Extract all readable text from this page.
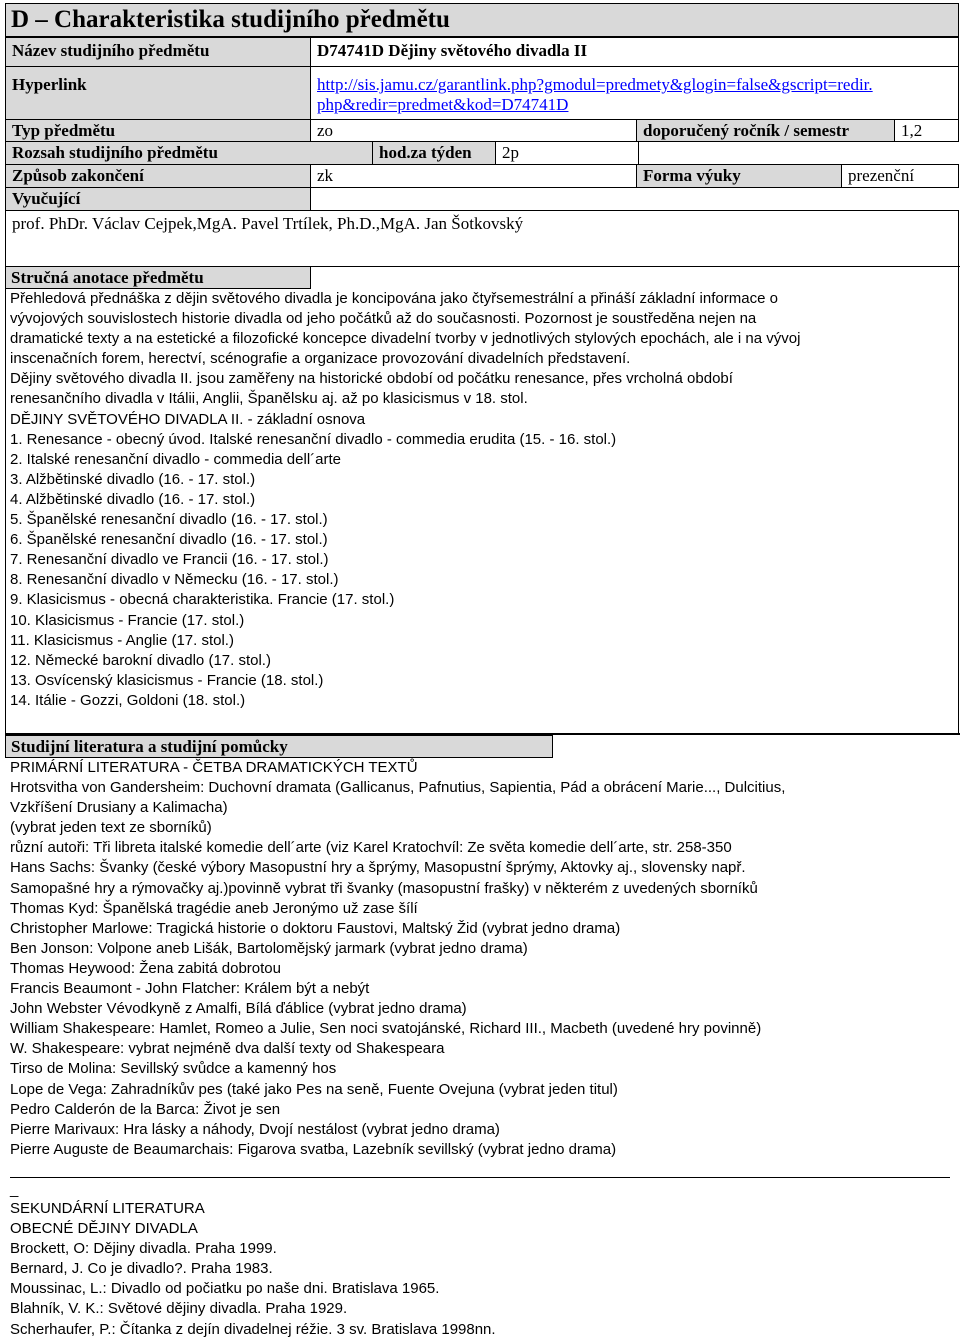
D – Charakteristika studijního předmětu
Název studijního předmětu	D74741D Dějiny světového divadla II
Hyperlink	http://sis.jamu.cz/garantlink.php?gmodul=predmety&glogin=false&gscript=redir.
php&redir=predmet&kod=D74741D
Typ předmětu	zo	doporučený ročník / semestr	1,2
Rozsah studijního předmětu	hod.za týden	2p
Způsob zakončení	zk	Forma výuky	prezenční
Vyučující
prof. PhDr. Václav Cejpek,MgA. Pavel Trtílek, Ph.D.,MgA. Jan Šotkovský
Stručná anotace předmětu
Přehledová přednáška z dějin světového divadla je koncipována jako čtyřsemestrální a přináší základní informace o
vývojových souvislostech historie divadla od jeho počátků až do současnosti. Pozornost je soustředěna nejen na
dramatické texty a na estetické a filozofické koncepce divadelní tvorby v jednotlivých stylových epochách, ale i na vývoj
inscenačních forem, herectví, scénografie a organizace provozování divadelních představení.
Dějiny světového divadla II. jsou zaměřeny na historické období od počátku renesance, přes vrcholná období
renesančního divadla v Itálii, Anglii, Španělsku aj. až po klasicismus v 18. stol.
DĚJINY SVĚTOVÉHO DIVADLA II. - základní osnova
1. Renesance - obecný úvod. Italské renesanční divadlo - commedia erudita (15. - 16. stol.)
2. Italské renesanční divadlo - commedia dell´arte
3. Alžbětinské divadlo (16. - 17. stol.)
4. Alžbětinské divadlo (16. - 17. stol.)
5. Španělské renesanční divadlo (16. - 17. stol.)
6. Španělské renesanční divadlo (16. - 17. stol.)
7. Renesanční divadlo ve Francii (16. - 17. stol.)
8. Renesanční divadlo v Německu (16. - 17. stol.)
9. Klasicismus - obecná charakteristika. Francie (17. stol.)
10. Klasicismus - Francie (17. stol.)
11. Klasicismus - Anglie (17. stol.)
12. Německé barokní divadlo (17. stol.)
13. Osvícenský klasicismus - Francie (18. stol.)
14. Itálie - Gozzi, Goldoni (18. stol.)
Studijní literatura a studijní pomůcky
PRIMÁRNÍ LITERATURA - ČETBA DRAMATICKÝCH TEXTŮ
Hrotsvitha von Gandersheim: Duchovní dramata (Gallicanus, Pafnutius, Sapientia, Pád a obrácení Marie..., Dulcitius,
Vzkříšení Drusiany a Kalimacha)
(vybrat jeden text ze sborníků)
různí autoři: Tři libreta italské komedie dell´arte (viz Karel Kratochvíl: Ze světa komedie dell´arte, str. 258-350
Hans Sachs: Švanky (české výbory Masopustní hry a šprýmy, Masopustní šprýmy, Aktovky aj., slovensky např.
Samopašné hry a rýmovačky aj.)povinně vybrat tři švanky (masopustní frašky) v některém z uvedených sborníků
Thomas Kyd: Španělská tragédie aneb Jeronýmo už zase šílí
Christopher Marlowe: Tragická historie o doktoru Faustovi, Maltský Žid (vybrat jedno drama)
Ben Jonson: Volpone aneb Lišák, Bartolomějský jarmark (vybrat jedno drama)
Thomas Heywood: Žena zabitá dobrotou
Francis Beaumont - John Flatcher: Králem být a nebýt
John Webster Vévodkyně z Amalfi, Bílá ďáblice (vybrat jedno drama)
William Shakespeare: Hamlet, Romeo a Julie, Sen noci svatojánské, Richard III., Macbeth (uvedené hry povinně)
W. Shakespeare: vybrat nejméně dva další texty od Shakespeara
Tirso de Molina: Sevillský svůdce a kamenný hos
Lope de Vega: Zahradníkův pes (také jako Pes na seně, Fuente Ovejuna (vybrat jeden titul)
Pedro Calderón de la Barca: Život je sen
Pierre Marivaux: Hra lásky a náhody, Dvojí nestálost (vybrat jedno drama)
Pierre Auguste de Beaumarchais: Figarova svatba, Lazebník sevillský (vybrat jedno drama)
_
SEKUNDÁRNÍ LITERATURA
OBECNÉ DĚJINY DIVADLA
Brockett, O: Dějiny divadla. Praha 1999.
Bernard, J. Co je divadlo?. Praha 1983.
Moussinac, L.: Divadlo od počiatku po naše dni. Bratislava 1965.
Blahník, V. K.: Světové dějiny divadla. Praha 1929.
Scherhaufer, P.: Čítanka z dejín divadelnej réžie. 3 sv. Bratislava 1998nn.
